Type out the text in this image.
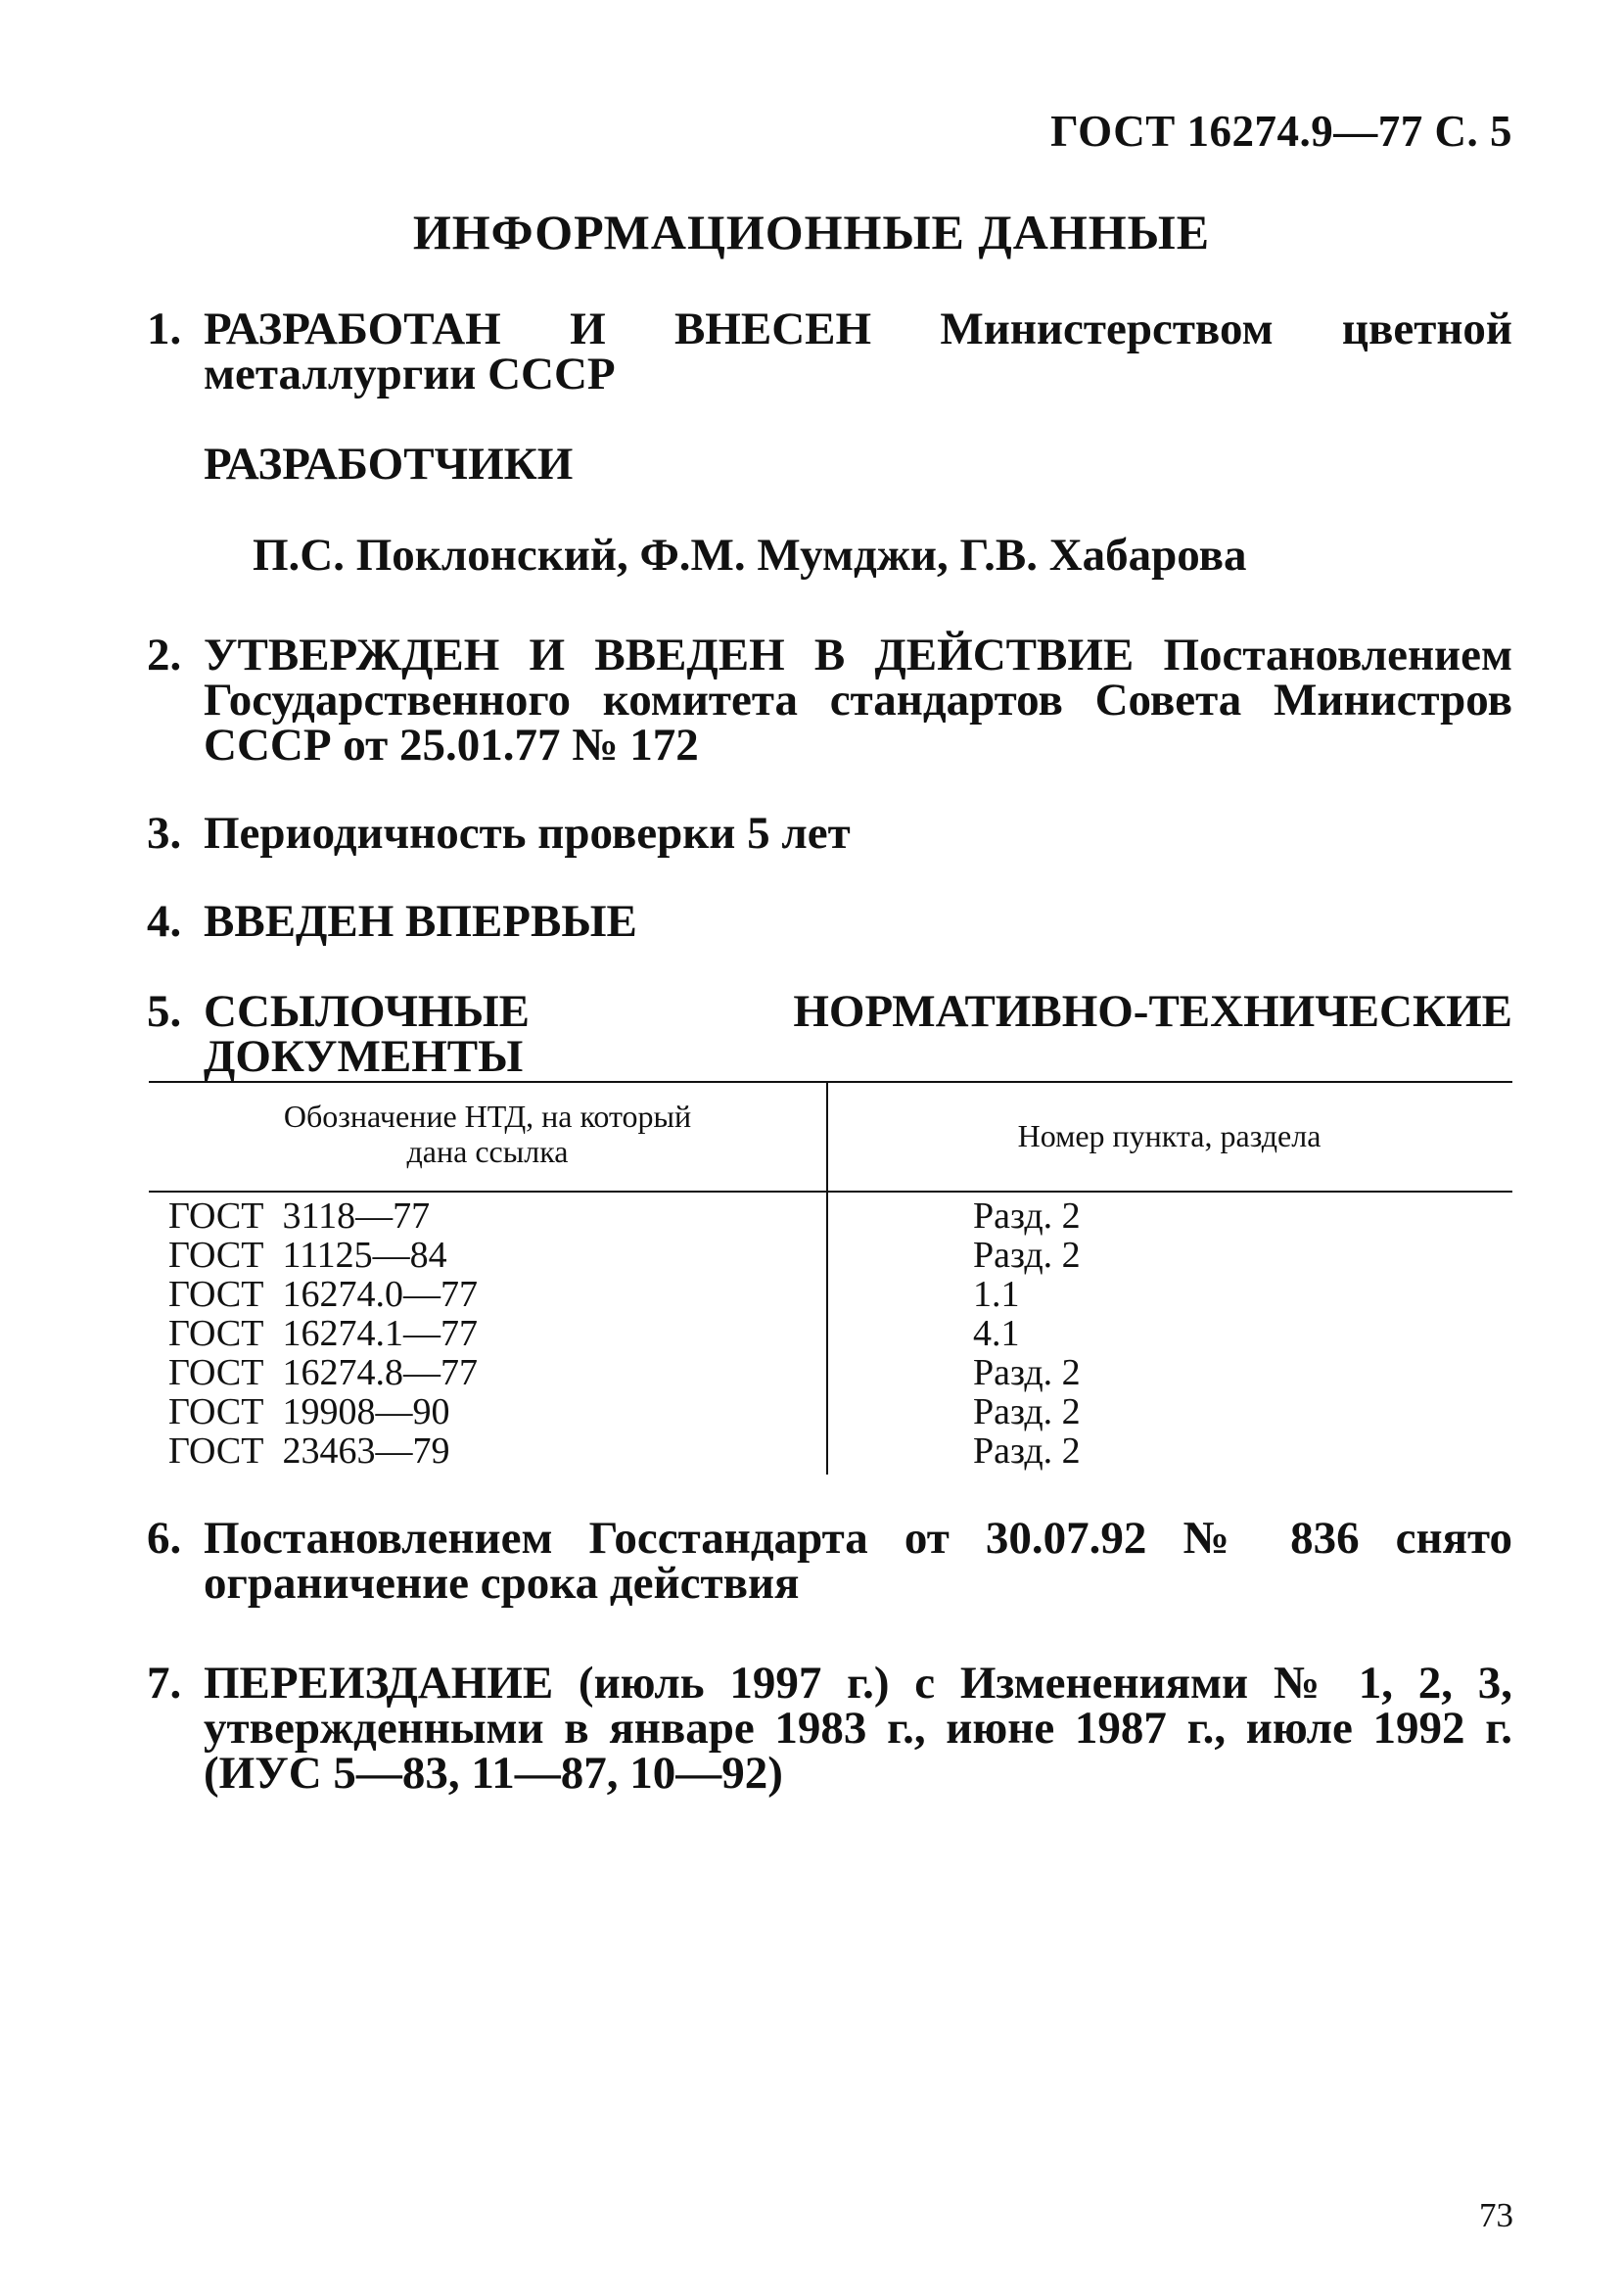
ГОСТ 16274.9—77 С. 5
ИНФОРМАЦИОННЫЕ ДАННЫЕ
1. РАЗРАБОТАН И ВНЕСЕН Министерством цветной металлургии СССР
РАЗРАБОТЧИКИ
П.С. Поклонский, Ф.М. Мумджи, Г.В. Хабарова
2. УТВЕРЖДЕН И ВВЕДЕН В ДЕЙСТВИЕ Постановлением Государственного комитета стандартов Совета Министров СССР от 25.01.77 № 172
3. Периодичность проверки 5 лет
4. ВВЕДЕН ВПЕРВЫЕ
5. ССЫЛОЧНЫЕ НОРМАТИВНО-ТЕХНИЧЕСКИЕ ДОКУМЕНТЫ
Обозначение НТД, на который
дана ссылка	Номер пункта, раздела
ГОСТ  3118—77
ГОСТ  11125—84
ГОСТ  16274.0—77
ГОСТ  16274.1—77
ГОСТ  16274.8—77
ГОСТ  19908—90
ГОСТ  23463—79
Разд. 2
Разд. 2
1.1
4.1
Разд. 2
Разд. 2
Разд. 2
6. Постановлением Госстандарта от 30.07.92 № 836 снято ограничение срока действия
7. ПЕРЕИЗДАНИЕ (июль 1997 г.) с Изменениями № 1, 2, 3, утвержденными в январе 1983 г., июне 1987 г., июле 1992 г. (ИУС 5—83, 11—87, 10—92)
73
